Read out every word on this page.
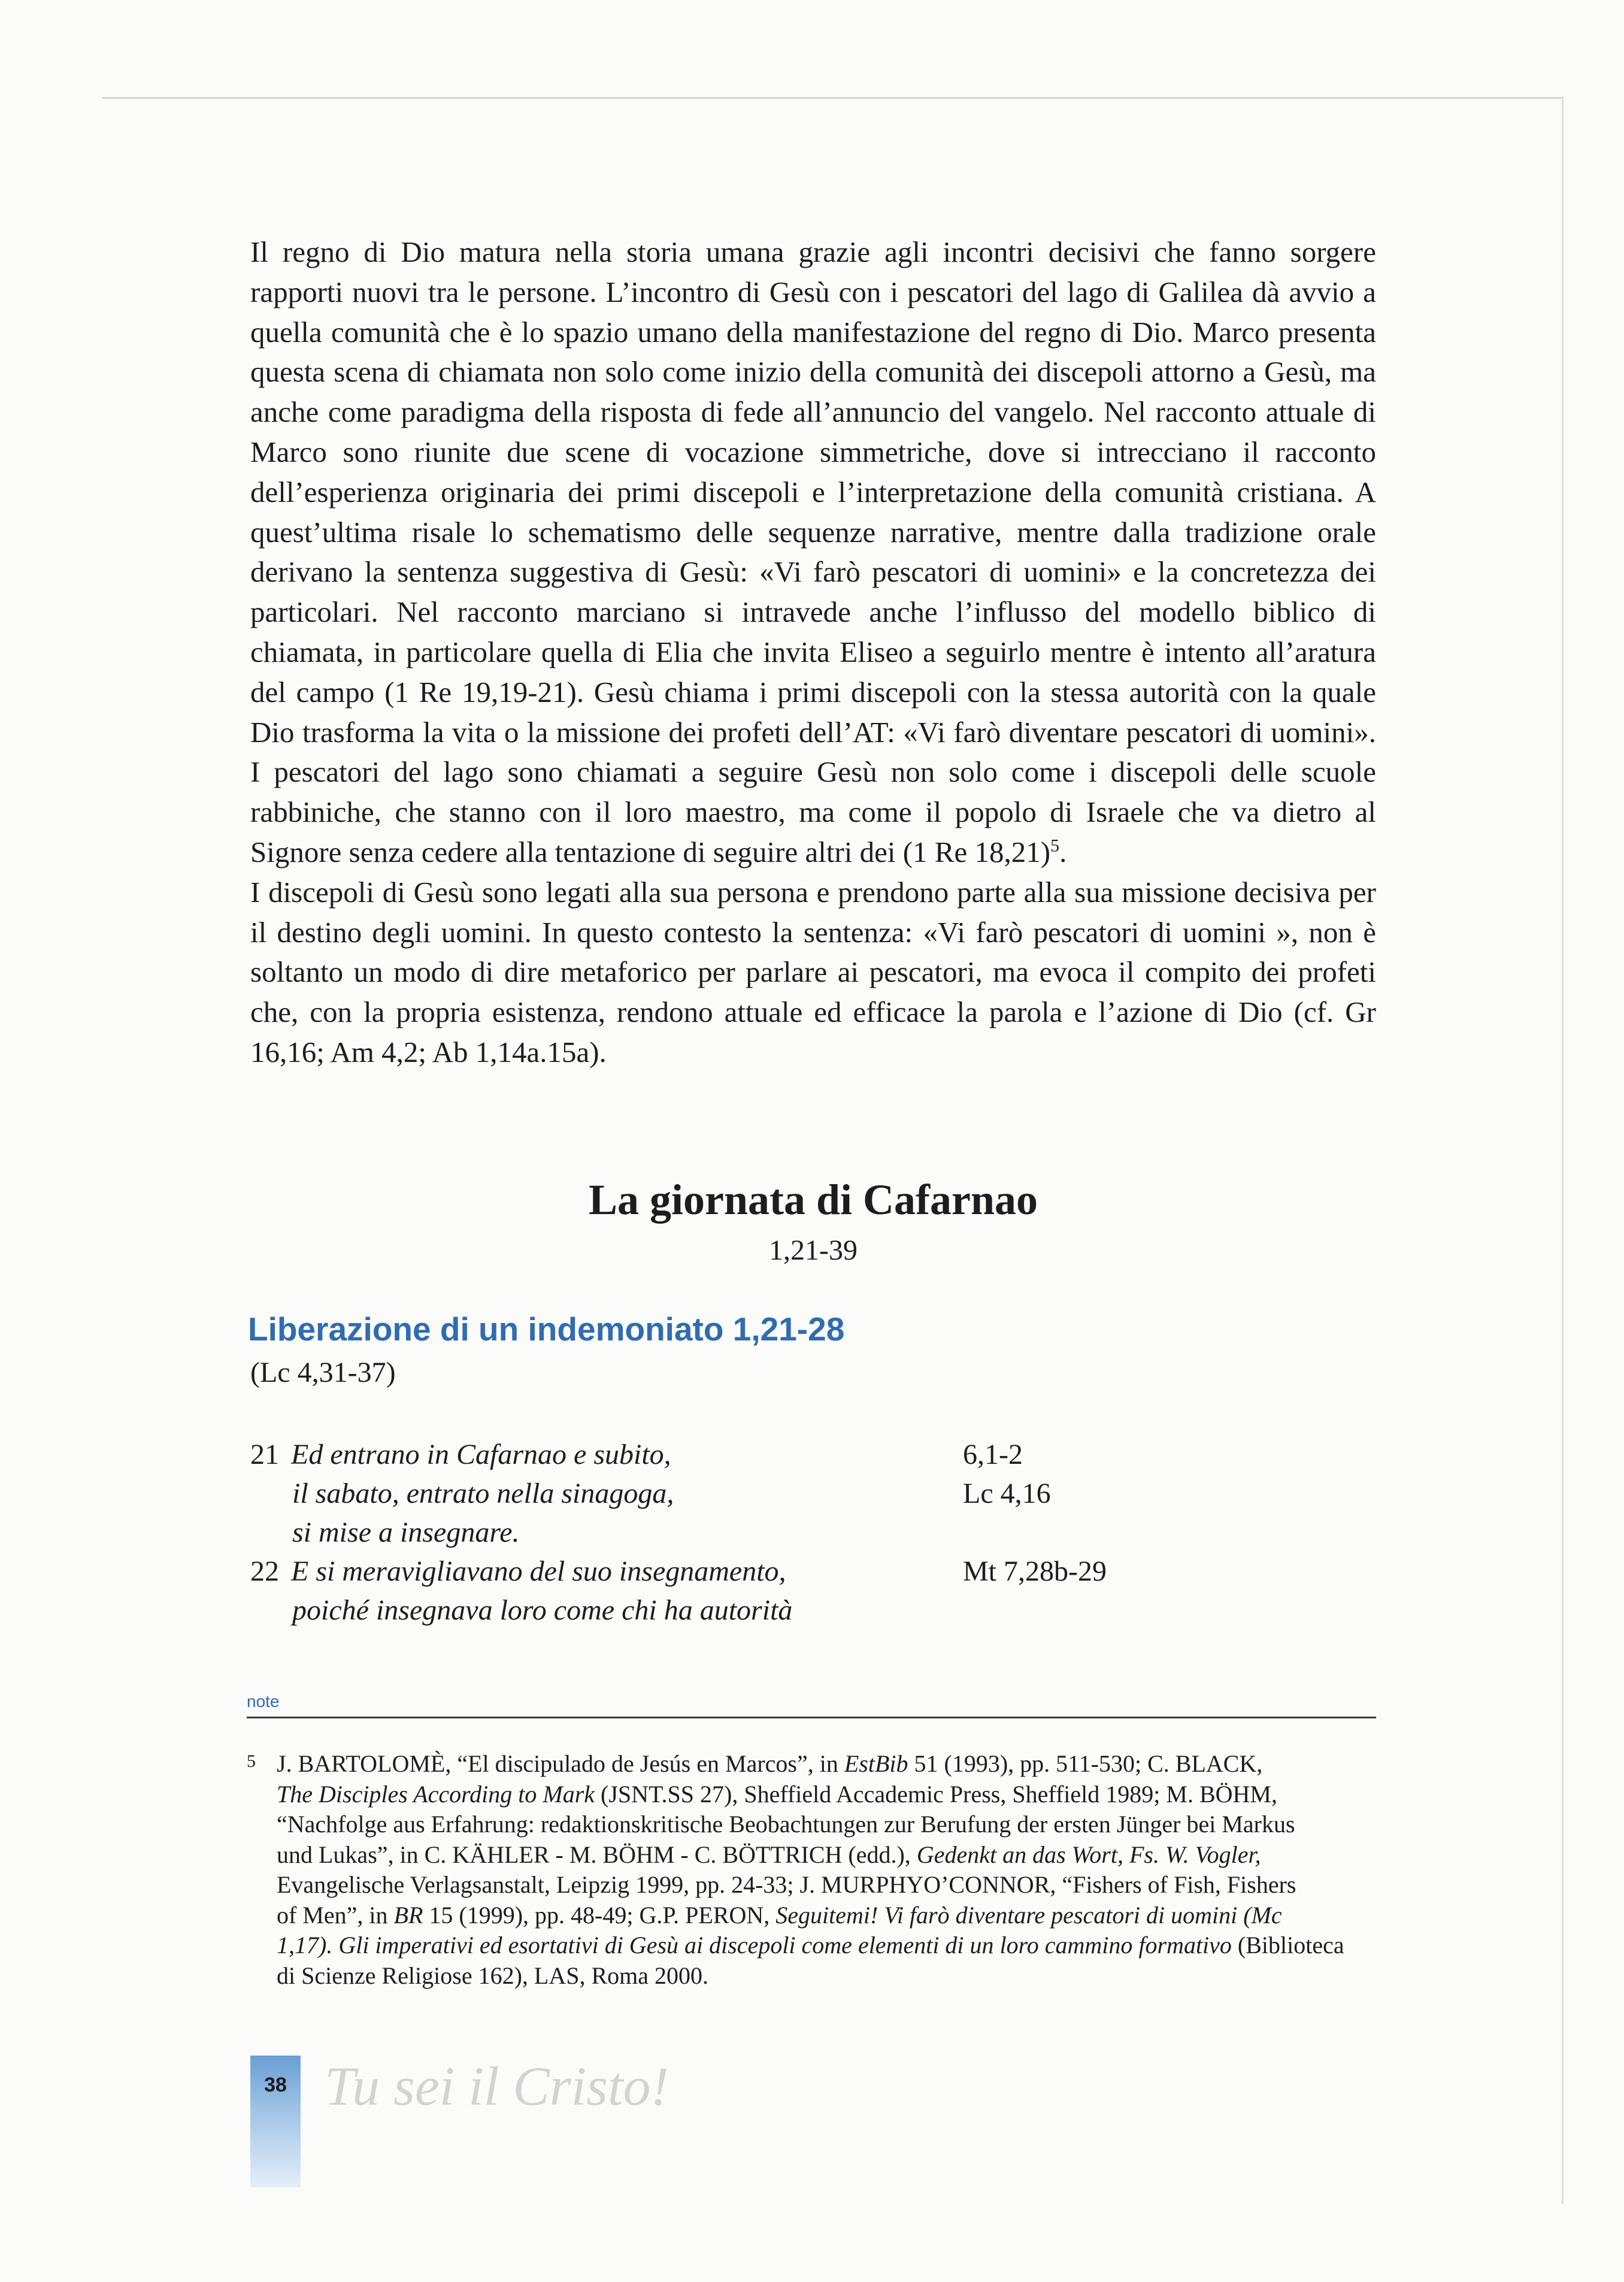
Il regno di Dio matura nella storia umana grazie agli incontri decisivi che fanno sorgere rapporti nuovi tra le persone. L’incontro di Gesù con i pescatori del lago di Galilea dà avvio a quella comunità che è lo spazio umano della manifestazione del regno di Dio. Marco presenta questa scena di chiamata non solo come inizio della comunità dei discepoli attorno a Gesù, ma anche come paradigma della risposta di fede all’annuncio del vangelo. Nel racconto attuale di Marco sono riunite due scene di vocazione simmetriche, dove si intrecciano il racconto dell’esperienza originaria dei primi discepoli e l’interpretazione della comunità cristiana. A quest’ultima risale lo schematismo delle sequenze narrative, mentre dalla tradizione orale derivano la sentenza suggestiva di Gesù: «Vi farò pescatori di uomini» e la concretezza dei particolari. Nel racconto marciano si intravede anche l’influsso del modello biblico di chiamata, in particolare quella di Elia che invita Eliseo a seguirlo mentre è intento all’aratura del campo (1 Re 19,19-21). Gesù chiama i primi discepoli con la stessa autorità con la quale Dio trasforma la vita o la missione dei profeti dell’AT: «Vi farò diventare pescatori di uomini». I pescatori del lago sono chiamati a seguire Gesù non solo come i discepoli delle scuole rabbiniche, che stanno con il loro maestro, ma come il popolo di Israele che va dietro al Signore senza cedere alla tentazione di seguire altri dei (1 Re 18,21)$^5$.

I discepoli di Gesù sono legati alla sua persona e prendono parte alla sua missione decisiva per il destino degli uomini. In questo contesto la sentenza: «Vi farò pescatori di uomini », non è soltanto un modo di dire metaforico per parlare ai pescatori, ma evoca il compito dei profeti che, con la propria esistenza, rendono attuale ed efficace la parola e l’azione di Dio (cf. Gr 16,16; Am 4,2; Ab 1,14a.15a).

La giornata di Cafarnao
1,21-39
Liberazione di un indemoniato 1,21-28
(Lc 4,31-37)
21 Ed entrano in Cafarnao e subito,
il sabato, entrato nella sinagoga,
si mise a insegnare.
6,1-2
Lc 4,16
22 E si meravigliavano del suo insegnamento,
poiché insegnava loro come chi ha autorità
Mt 7,28b-29
note
5 J. BARTOLOMÈ, “El discipulado de Jesús en Marcos”, in EstBib 51 (1993), pp. 511-530; C. BLACK,
The Disciples According to Mark (JSNT.SS 27), Sheffield Accademic Press, Sheffield 1989; M. BÖHM,
“Nachfolge aus Erfahrung: redaktionskritische Beobachtungen zur Berufung der ersten Jünger bei Markus
und Lukas”, in C. KÄHLER - M. BÖHM - C. BÖTTRICH (edd.), Gedenkt an das Wort, Fs. W. Vogler,
Evangelische Verlagsanstalt, Leipzig 1999, pp. 24-33; J. MURPHYO’CONNOR, “Fishers of Fish, Fishers
of Men”, in BR 15 (1999), pp. 48-49; G.P. PERON, Seguitemi! Vi farò diventare pescatori di uomini (Mc
1,17). Gli imperativi ed esortativi di Gesù ai discepoli come elementi di un loro cammino formativo (Biblioteca
di Scienze Religiose 162), LAS, Roma 2000.
38 Tu sei il Cristo!
